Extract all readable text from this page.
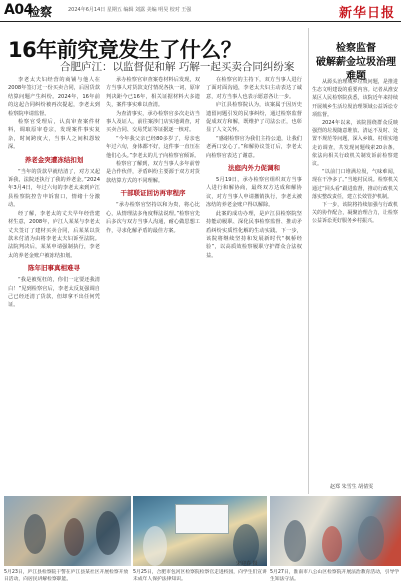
A04
检察	2024年6月14日 星期五 编辑 刘露 美编 明昊 校对 王强	新华日报
16年前究竟发生了什么？
合肥庐江：以监督促和解 巧解一起买卖合同纠纷案

李老太夫妇经营的商铺与他人在2008年签订过一份买卖合同，后因货款结算问题产生纠纷。2024年，16年前的这起合同纠纷被再次提起，李老太到检察院申请监督。

检察官受理后，认真审查案件材料，调取原审卷宗，发现案件事实复杂，时间跨度大，当事人之间积怨较深。

养老金突遭冻结扣划

“当年的货款早就结清了，对方又起诉我，法院还执行了我的养老金。”2024年3月4日，年过六旬的李老太来到庐江县检察院控告申诉窗口，情绪十分激动。

经了解，李老太的丈夫早年经营建材生意，2008年，庐江人某某与李老太丈夫签订了建材买卖合同，后某某以货款未付清为由将李老太夫妇诉至法院。法院判决后，某某申请强制执行，李老太的养老金账户被冻结扣划。

陈年旧事真相难寻

“我是被冤枉的，你们一定要还我清白！”见到检察官后，李老太反复强调自己已经还清了货款，但却拿不出任何凭证。

承办检察官审查案卷材料后发现，双方当事人对货款支付情况各执一词，原审判决距今已16年，相关证据材料大多遗失，案件事实难以查清。

为查清事实，承办检察官多次走访当事人及证人，前往案涉门店实地调查，对买卖合同、交易凭证等证据逐一核对。

“今年我父亲已经80多岁了，母亲也年过六旬，身体都不好，这件事一直压在他们心头。”李老太的儿子向检察官倾诉。

检察官了解到，双方当事人多年前曾是合作伙伴，矛盾纠纷主要源于双方对货款结算方式的不同理解。

干部联证回访再审程序

“承办检察官坚持以和为贵，将心比心，从情理法多角度释法说理。”检察官先后多次与双方当事人沟通，耐心做思想工作，寻求化解矛盾的最佳方案。

在检察官的主持下，双方当事人进行了面对面沟通，李老太夫妇主动表达了诚意，对方当事人也表示愿意各让一步。

庐江县检察院认为，该案属于因历史遗留问题引发的民事纠纷，通过检察监督促成双方和解，既维护了司法公正，也彰显了人文关怀。

“感谢检察官为我们主持公道，让我们老两口安心了。”和解协议签订后，李老太向检察官表达了谢意。

法庭内外力促调和

5月19日，承办检察官组织双方当事人进行和解协商，最终双方达成和解协议，对方当事人申请撤销执行，李老太被冻结的养老金账户得以解除。

此案的成功办理，是庐江县检察院坚持能动履职、深化民事检察监督、推动矛盾纠纷实质性化解的生动实践。下一步，该院将继续坚持和发展新时代“枫桥经验”，以高质效检察履职守护群众合法权益。

检察监督
破解薪金垃圾治理难题

从源头治理城乡垃圾问题，是推进生态文明建设的重要内容。记者从淮安某区人民检察院获悉，该院近年来持续开展城乡生活垃圾治理领域公益诉讼专项监督。

2024年以来，该院围绕群众反映强烈的垃圾随意堆放、清运不及时、处置不规范等问题，深入乡镇、村组实地走访调查，共发现问题线索20余条，依法向相关行政机关制发诉前检察建议。

“以前门口堆满垃圾，气味难闻，现在干净多了。”当地村民说。检察机关通过“回头看”跟进监督，推动行政机关落实整改责任，建立长效管护机制。

下一步，该院将持续加强与行政机关的协作配合，凝聚治理合力，让检察公益诉讼更好服务乡村振兴。

赵郑 朱雪生 胡倩雯
5月23日，庐江县检察院干警在庐江县某社区开展检察开放日活动，向居民讲解检察职能。
5月25日，合肥市包河区检察院检察官走进校园，向学生们宣讲未成年人保护法律知识。
5月27日，淮南市八公山区检察院开展法治教育活动，引导学生知法守法。
宋迎春 摄
